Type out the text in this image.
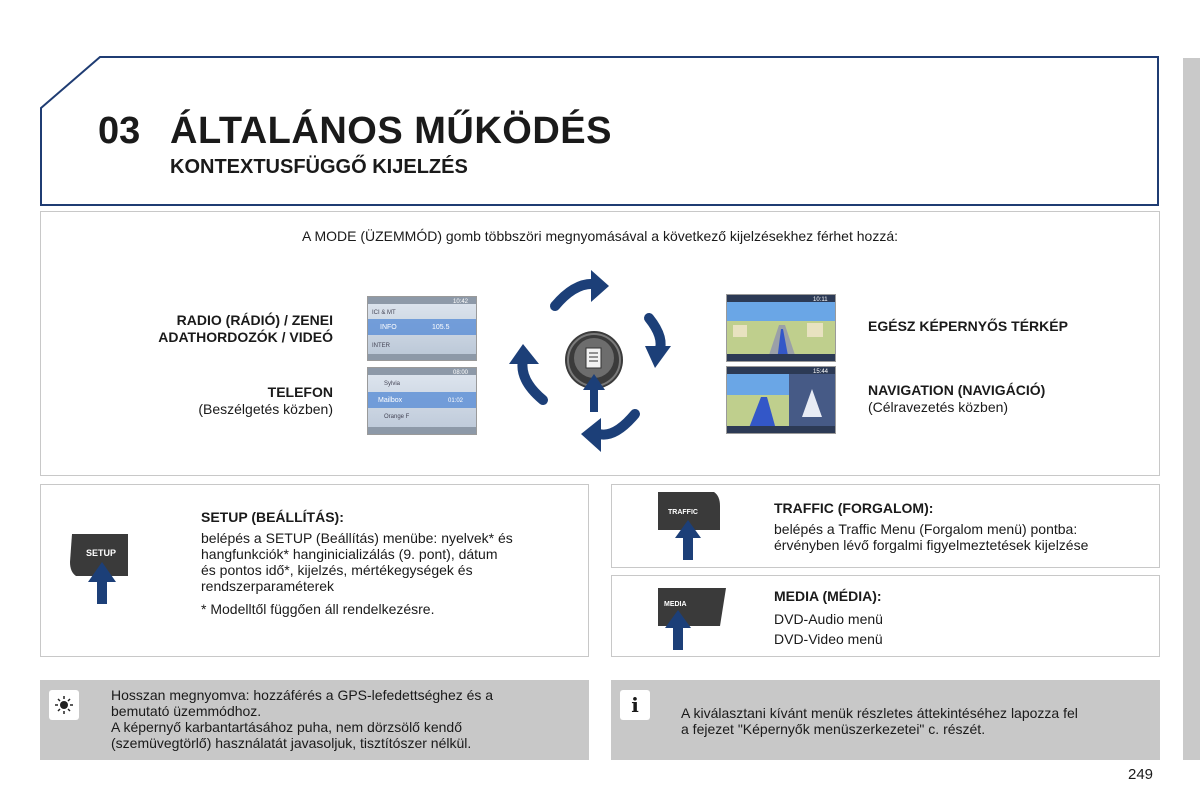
03 ÁLTALÁNOS MŰKÖDÉS
KONTEXTUSFÜGGŐ KIJELZÉS
A MODE (ÜZEMMÓD) gomb többszöri megnyomásával a következő kijelzésekhez férhet hozzá:
RADIO (RÁDIÓ) / ZENEI
ADATHORDOZÓK / VIDEÓ
TELEFON
(Beszélgetés közben)
10:42
ICI & MT
INFO	105.5
INTER
08:00
Sylvia
Mailbox	01:02
Orange F
10:11
15:44
EGÉSZ KÉPERNYŐS TÉRKÉP
NAVIGATION (NAVIGÁCIÓ)
(Célravezetés közben)
SETUP
SETUP (BEÁLLÍTÁS):
belépés a SETUP (Beállítás) menübe: nyelvek* és
hangfunkciók* hanginicializálás (9. pont), dátum
és pontos idő*, kijelzés, mértékegységek és
rendszerparaméterek
* Modelltől függően áll rendelkezésre.
TRAFFIC	TRAFFIC (FORGALOM):
belépés a Traffic Menu (Forgalom menü) pontba:
érvényben lévő forgalmi figyelmeztetések kijelzése
MEDIA
MEDIA (MÉDIA):
DVD-Audio menü
DVD-Video menü
Hosszan megnyomva: hozzáférés a GPS-lefedettséghez és a
bemutató üzemmódhoz.
A képernyő karbantartásához puha, nem dörzsölő kendő
(szemüvegtörlő) használatát javasoljuk, tisztítószer nélkül.
i	A kiválasztani kívánt menük részletes áttekintéséhez lapozza fel
a fejezet "Képernyők menüszerkezetei" c. részét.
249
